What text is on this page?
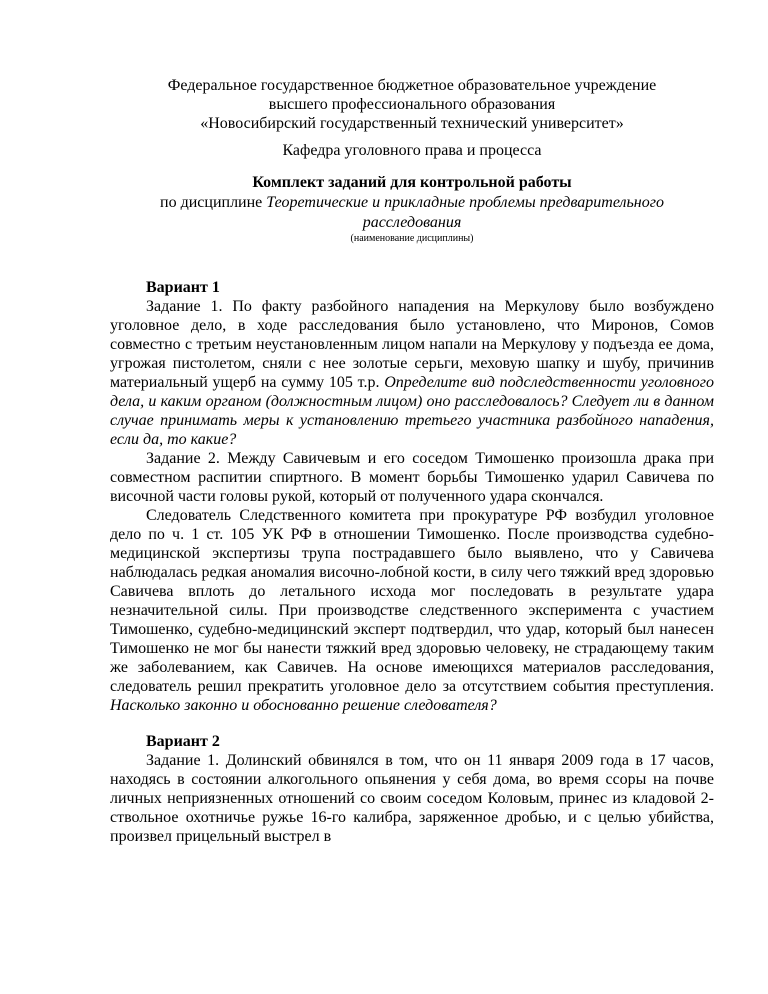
Федеральное государственное бюджетное образовательное учреждение
высшего профессионального образования
«Новосибирский государственный технический университет»
Кафедра уголовного права и процесса
Комплект заданий для контрольной работы
по дисциплине Теоретические и прикладные проблемы предварительного
расследования
(наименование дисциплины)
Вариант 1

Задание 1. По факту разбойного нападения на Меркулову было возбуждено уголовное дело, в ходе расследования было установлено, что Миронов, Сомов совместно с третьим неустановленным лицом напали на Меркулову у подъезда ее дома, угрожая пистолетом, сняли с нее золотые серьги, меховую шапку и шубу, причинив материальный ущерб на сумму 105 т.р. Определите вид подследственности уголовного дела, и каким органом (должностным лицом) оно расследовалось? Следует ли в данном случае принимать меры к установлению третьего участника разбойного нападения, если да, то какие?

Задание 2. Между Савичевым и его соседом Тимошенко произошла драка при совместном распитии спиртного. В момент борьбы Тимошенко ударил Савичева по височной части головы рукой, который от полученного удара скончался.

Следователь Следственного комитета при прокуратуре РФ возбудил уголовное дело по ч. 1 ст. 105 УК РФ в отношении Тимошенко. После производства судебно-медицинской экспертизы трупа пострадавшего было выявлено, что у Савичева наблюдалась редкая аномалия височно-лобной кости, в силу чего тяжкий вред здоровью Савичева вплоть до летального исхода мог последовать в результате удара незначительной силы. При производстве следственного эксперимента с участием Тимошенко, судебно-медицинский эксперт подтвердил, что удар, который был нанесен Тимошенко не мог бы нанести тяжкий вред здоровью человеку, не страдающему таким же заболеванием, как Савичев. На основе имеющихся материалов расследования, следователь решил прекратить уголовное дело за отсутствием события преступления. Насколько законно и обоснованно решение следователя?

Вариант 2

Задание 1. Долинский обвинялся в том, что он 11 января 2009 года в 17 часов, находясь в состоянии алкогольного опьянения у себя дома, во время ссоры на почве личных неприязненных отношений со своим соседом Коловым, принес из кладовой 2-ствольное охотничье ружье 16-го калибра, заряженное дробью, и с целью убийства, произвел прицельный выстрел в
